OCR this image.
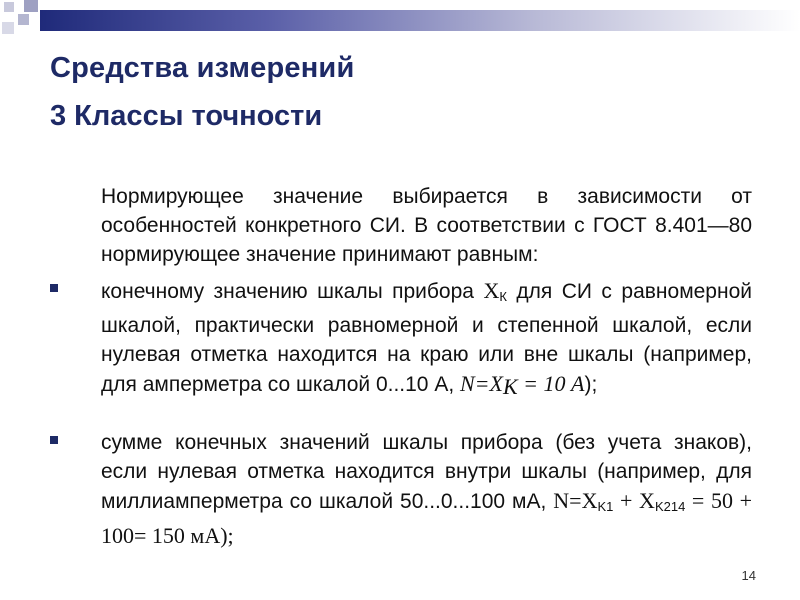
Средства измерений
3 Классы точности

Нормирующее значение выбирается в зависимости от особенностей конкретного СИ. В соответствии с ГОСТ 8.401—80 нормирующее значение принимают равным:

конечному значению шкалы прибора $X_К$ для СИ с равномерной шкалой, практически равномерной и степенной шкалой, если нулевая отметка находится на краю или вне шкалы (например, для амперметра со шкалой 0...10 А, $N=X_K = 10$ А);

сумме конечных значений шкалы прибора (без учета знаков), если нулевая отметка находится внутри шкалы (например, для миллиамперметра со шкалой 50...0...100 мА, $N=X_{K1} + X_{K214} = 50 + 100= 150$ мА);

14
